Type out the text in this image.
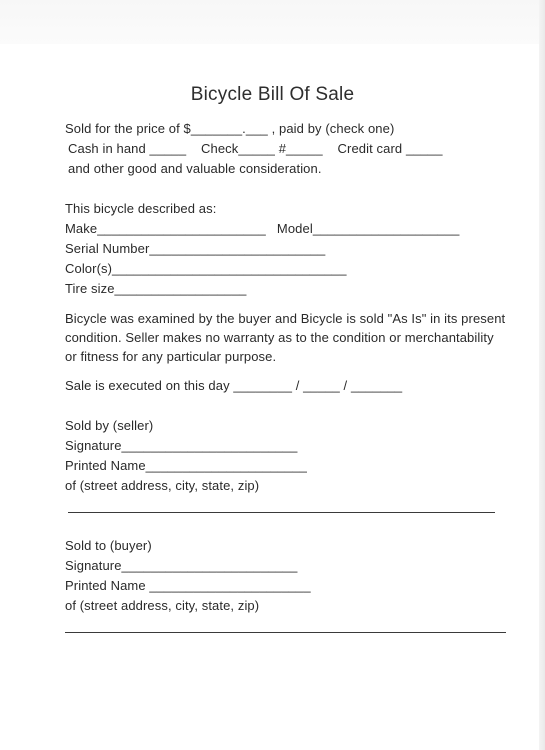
Bicycle Bill Of Sale
Sold for the price of $_______.___ , paid by (check one)
Cash in hand _____    Check_____ #_____    Credit card _____
and other good and valuable consideration.
This bicycle described as:
Make_______________________   Model____________________
Serial Number________________________
Color(s)________________________________
Tire size__________________
Bicycle was examined by the buyer and Bicycle is sold "As Is" in its present
condition. Seller makes no warranty as to the condition or merchantability
or fitness for any particular purpose.
Sale is executed on this day ________ / _____ / _______
Sold by (seller)
Signature________________________
Printed Name______________________
of (street address, city, state, zip)
Sold to (buyer)
Signature________________________
Printed Name ______________________
of (street address, city, state, zip)
